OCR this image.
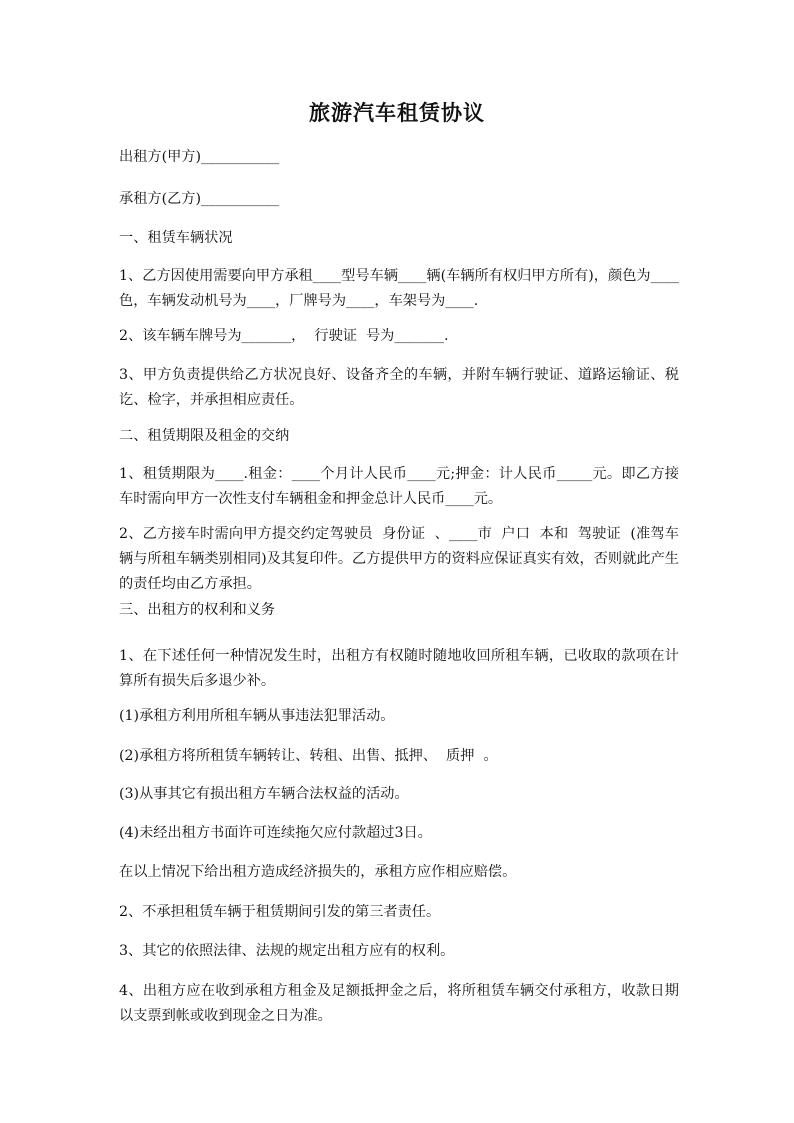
旅游汽车租赁协议

出租方(甲方)___________

承租方(乙方)___________

一、租赁车辆状况

1、乙方因使用需要向甲方承租____型号车辆____辆(车辆所有权归甲方所有)，颜色为____色，车辆发动机号为____，厂牌号为____，车架号为____.

2、该车辆车牌号为_______，  行驶证  号为_______.

3、甲方负责提供给乙方状况良好、设备齐全的车辆，并附车辆行驶证、道路运输证、税讫、检字，并承担相应责任。

二、租赁期限及租金的交纳

1、租赁期限为____.租金：____个月计人民币____元;押金：计人民币_____元。即乙方接车时需向甲方一次性支付车辆租金和押金总计人民币____元。

2、乙方接车时需向甲方提交约定驾驶员  身份证  、____市  户口  本和  驾驶证  (准驾车辆与所租车辆类别相同)及其复印件。乙方提供甲方的资料应保证真实有效，否则就此产生的责任均由乙方承担。

三、出租方的权利和义务

1、在下述任何一种情况发生时，出租方有权随时随地收回所租车辆，已收取的款项在计算所有损失后多退少补。

(1)承租方利用所租车辆从事违法犯罪活动。

(2)承租方将所租赁车辆转让、转租、出售、抵押、  质押  。

(3)从事其它有损出租方车辆合法权益的活动。

(4)未经出租方书面许可连续拖欠应付款超过3日。

在以上情况下给出租方造成经济损失的，承租方应作相应赔偿。

2、不承担租赁车辆于租赁期间引发的第三者责任。

3、其它的依照法律、法规的规定出租方应有的权利。

4、出租方应在收到承租方租金及足额抵押金之后，将所租赁车辆交付承租方，收款日期以支票到帐或收到现金之日为准。
